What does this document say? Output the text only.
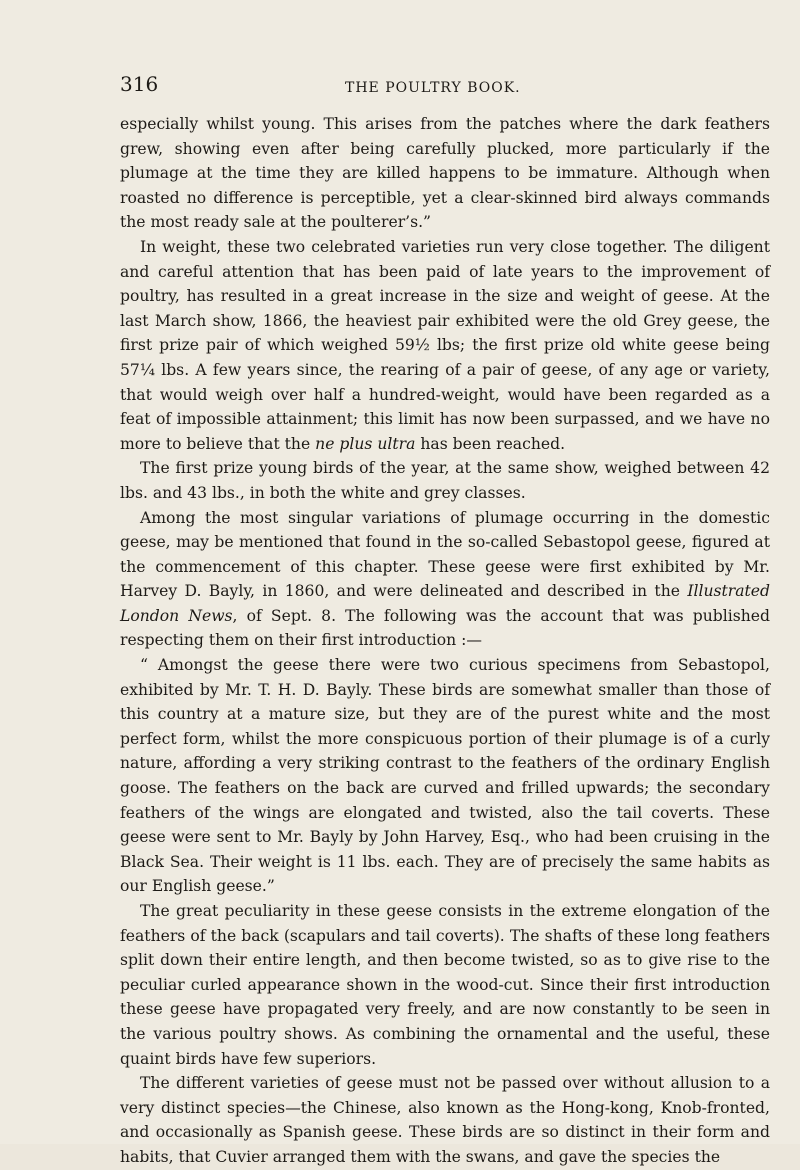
316	THE POULTRY BOOK.

especially whilst young. This arises from the patches where the dark feathers grew, showing even after being carefully plucked, more particularly if the plumage at the time they are killed happens to be immature. Although when roasted no difference is perceptible, yet a clear-skinned bird always commands the most ready sale at the poulterer’s.”

In weight, these two celebrated varieties run very close together. The diligent and careful attention that has been paid of late years to the improvement of poultry, has resulted in a great increase in the size and weight of geese. At the last March show, 1866, the heaviest pair exhibited were the old Grey geese, the first prize pair of which weighed 59½ lbs; the first prize old white geese being 57¼ lbs. A few years since, the rearing of a pair of geese, of any age or variety, that would weigh over half a hundred-weight, would have been regarded as a feat of impossible attainment; this limit has now been surpassed, and we have no more to believe that the ne plus ultra has been reached.

The first prize young birds of the year, at the same show, weighed between 42 lbs. and 43 lbs., in both the white and grey classes.

Among the most singular variations of plumage occurring in the domestic geese, may be mentioned that found in the so-called Sebastopol geese, figured at the commencement of this chapter. These geese were first exhibited by Mr. Harvey D. Bayly, in 1860, and were delineated and described in the Illustrated London News, of Sept. 8. The following was the account that was published respecting them on their first introduction :—

“ Amongst the geese there were two curious specimens from Sebastopol, exhibited by Mr. T. H. D. Bayly. These birds are somewhat smaller than those of this country at a mature size, but they are of the purest white and the most perfect form, whilst the more conspicuous portion of their plumage is of a curly nature, affording a very striking contrast to the feathers of the ordinary English goose. The feathers on the back are curved and frilled upwards; the secondary feathers of the wings are elongated and twisted, also the tail coverts. These geese were sent to Mr. Bayly by John Harvey, Esq., who had been cruising in the Black Sea. Their weight is 11 lbs. each. They are of precisely the same habits as our English geese.”

The great peculiarity in these geese consists in the extreme elongation of the feathers of the back (scapulars and tail coverts). The shafts of these long feathers split down their entire length, and then become twisted, so as to give rise to the peculiar curled appearance shown in the wood-cut. Since their first introduction these geese have propagated very freely, and are now constantly to be seen in the various poultry shows. As combining the ornamental and the useful, these quaint birds have few superiors.

The different varieties of geese must not be passed over without allusion to a very distinct species—the Chinese, also known as the Hong-kong, Knob-fronted, and occasionally as Spanish geese. These birds are so distinct in their form and habits, that Cuvier arranged them with the swans, and gave the species the
